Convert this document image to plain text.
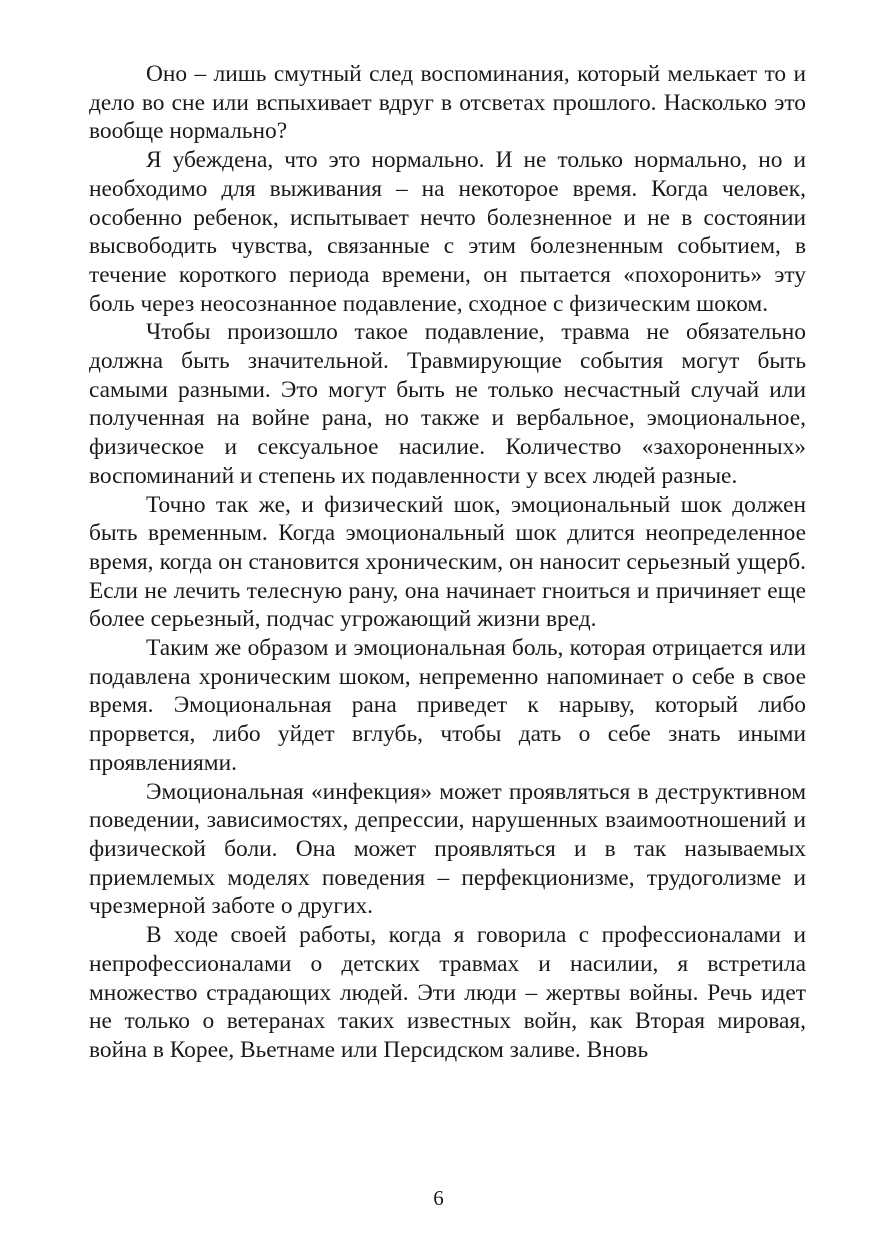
Оно – лишь смутный след воспоминания, который мелькает то и дело во сне или вспыхивает вдруг в отсветах прошлого. Насколько это вообще нормально?

Я убеждена, что это нормально. И не только нормально, но и необходимо для выживания – на некоторое время. Когда человек, особенно ребенок, испытывает нечто болезненное и не в состоянии высвободить чувства, связанные с этим болезненным событием, в течение короткого периода времени, он пытается «похоронить» эту боль через неосознанное подавление, сходное с физическим шоком.

Чтобы произошло такое подавление, травма не обязательно должна быть значительной. Травмирующие события могут быть самыми разными. Это могут быть не только несчастный случай или полученная на войне рана, но также и вербальное, эмоциональное, физическое и сексуальное насилие. Количество «захороненных» воспоминаний и степень их подавленности у всех людей разные.

Точно так же, и физический шок, эмоциональный шок должен быть временным. Когда эмоциональный шок длится неопределенное время, когда он становится хроническим, он наносит серьезный ущерб. Если не лечить телесную рану, она начинает гноиться и причиняет еще более серьезный, подчас угрожающий жизни вред.

Таким же образом и эмоциональная боль, которая отрицается или подавлена хроническим шоком, непременно напоминает о себе в свое время. Эмоциональная рана приведет к нарыву, который либо прорвется, либо уйдет вглубь, чтобы дать о себе знать иными проявлениями.

Эмоциональная «инфекция» может проявляться в деструктивном поведении, зависимостях, депрессии, нарушенных взаимоотношений и физической боли. Она может проявляться и в так называемых приемлемых моделях поведения – перфекционизме, трудоголизме и чрезмерной заботе о других.

В ходе своей работы, когда я говорила с профессионалами и непрофессионалами о детских травмах и насилии, я встретила множество страдающих людей. Эти люди – жертвы войны. Речь идет не только о ветеранах таких известных войн, как Вторая мировая, война в Корее, Вьетнаме или Персидском заливе. Вновь

6
